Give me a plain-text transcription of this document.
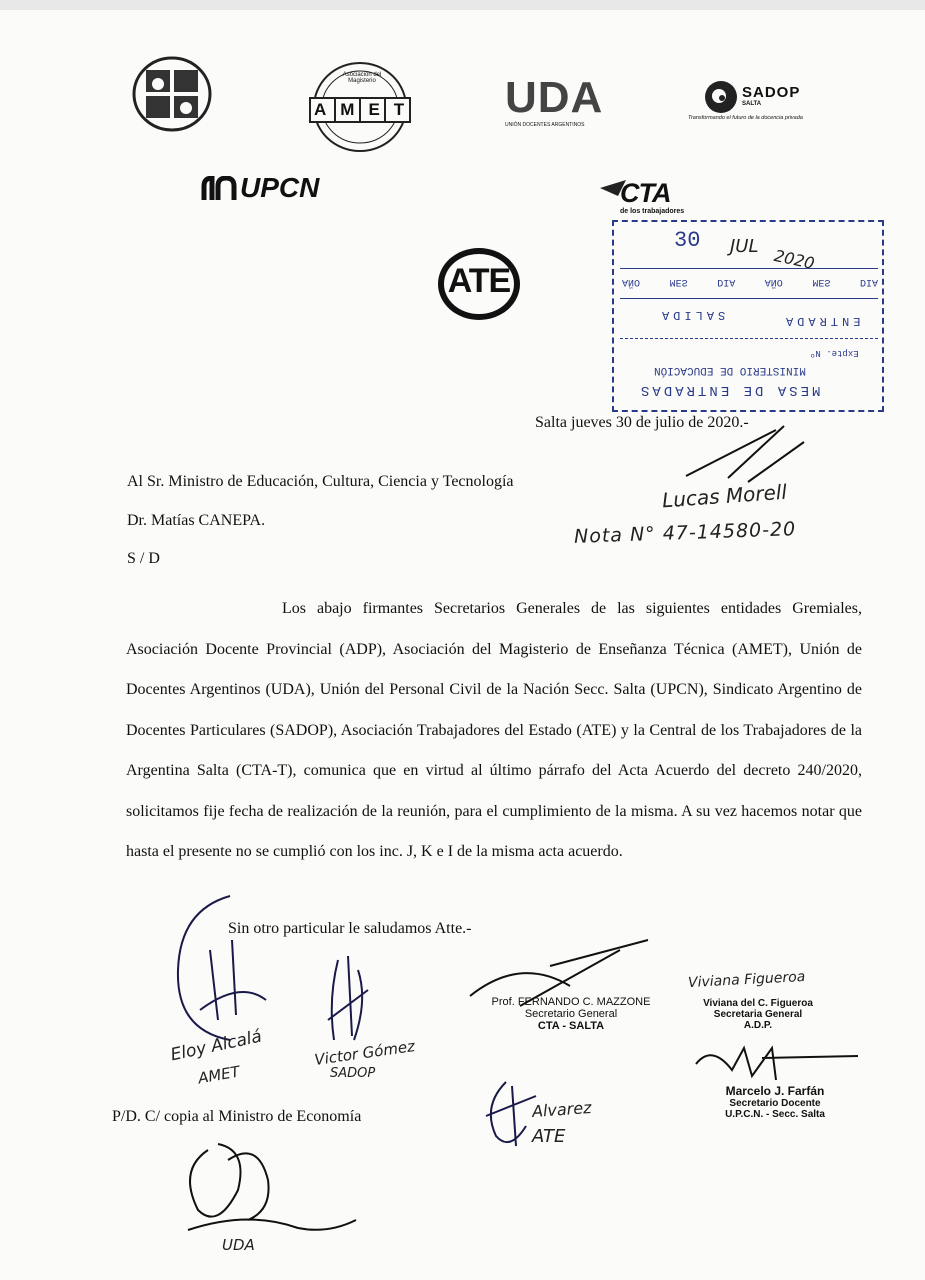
AMET
Asociación del Magisterio	UDA
UNIÓN DOCENTES ARGENTINOS
SADOP
SALTA
Transformando el futuro de la docencia privada
UPCN	CTA
de los trabajadores
ATE
30 JUL 2020
AÑO	MES	DIA	AÑO	MES	DIA
SALIDA	ENTRADA
Expte. Nº
MINISTERIO DE EDUCACIÓN
MESA DE ENTRADAS
Salta jueves 30 de julio de 2020.-
Al Sr. Ministro de Educación, Cultura, Ciencia y Tecnología
Dr. Matías CANEPA.
S / D
Lucas Morell
Nota N° 47-14580-20
Los abajo firmantes Secretarios Generales de las siguientes entidades Gremiales, Asociación Docente Provincial (ADP), Asociación del Magisterio de Enseñanza Técnica (AMET), Unión de Docentes Argentinos (UDA), Unión del Personal Civil de la Nación Secc. Salta (UPCN), Sindicato Argentino de Docentes Particulares (SADOP), Asociación Trabajadores del Estado (ATE) y la Central de los Trabajadores de la Argentina Salta (CTA-T), comunica que en virtud al último párrafo del Acta Acuerdo del decreto 240/2020, solicitamos fije fecha de realización de la reunión, para el cumplimiento de la misma. A su vez hacemos notar que hasta el presente no se cumplió con los inc. J, K e I de la misma acta acuerdo.
Sin otro particular le saludamos Atte.-
Eloy Alcalá
AMET
Victor Gómez
SADOP
Prof. FERNANDO C. MAZZONE
Secretario General
CTA - SALTA
Viviana Figueroa
Viviana del C. Figueroa
Secretaria General
A.D.P.
Marcelo J. Farfán
Secretario Docente
U.P.C.N. - Secc. Salta
Alvarez
ATE
P/D. C/ copia al Ministro de Economía
UDA
